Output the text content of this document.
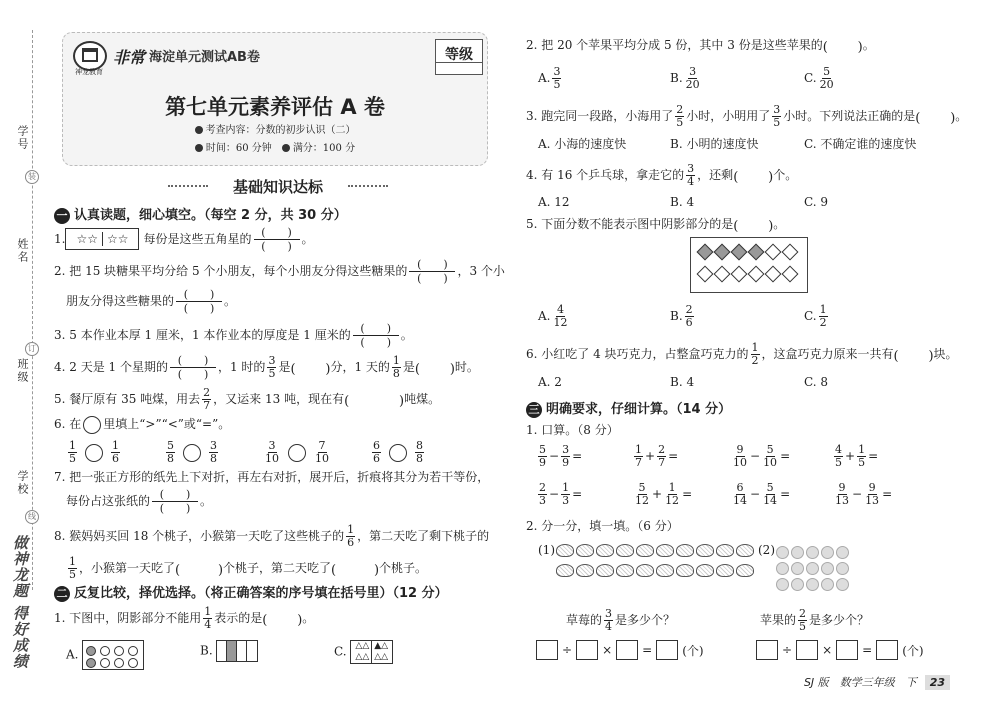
学号
装
姓名
订
班级
学校
线
做神龙题 得好成绩
神龙教育
非常 海淀单元测试AB卷	等级
第七单元素养评估 A 卷
考查内容：分数的初步认识（二）
时间：60 分钟　 满分：100 分
基础知识达标
一 认真读题，细心填空。（每空 2 分，共 30 分）
1. ☆☆ ☆☆ 每份是这些五角星的 (　　)
(　　)
。
2. 把 15 块糖果平均分给 5 个小朋友，每个小朋友分得这些糖果的 (　　)
(　　)
，3 个小
朋友分得这些糖果的 (　　)
(　　)
。
3. 5 本作业本厚 1 厘米，1 本作业本的厚度是 1 厘米的 (　　)
(　　)
。
4. 2 天是 1 个星期的 (　　)
(　　)
，1 时的 $\frac{3}{5}$ 是 ( )	分，1 天的 $\frac{1}{8}$ 是 ( )	时。
5. 餐厅原有 35 吨煤，用去 $\frac{2}{7}$ ，又运来 13 吨，现在有 ( )	吨煤。
6. 在 里填上“>”“<”或“=”。
$\frac{1}{5}$	$\frac{1}{6}$	$\frac{5}{8}$	$\frac{3}{8}$	$\frac{3}{10}$	$\frac{7}{10}$	$\frac{6}{6}$	$\frac{8}{8}$
7. 把一张正方形的纸先上下对折，再左右对折，展开后，折痕将其分为若干等份，
每份占这张纸的 (　　)
(　　)
。
8. 猴妈妈买回 18 个桃子，小猴第一天吃了这些桃子的 $\frac{1}{6}$ ，第二天吃了剩下桃子的
$\frac{1}{5}$ ，小猴第一天吃了 ( )	个桃子，第二天吃了 ( )	个桃子。
二 反复比较，择优选择。（将正确答案的序号填在括号里）（12 分）
1. 下图中，阴影部分不能用 $\frac{1}{4}$ 表示的是 ( )	。
A.	B.	C. △△
△△
▲△
△△
2. 把 20 个苹果平均分成 5 份，其中 3 份是这些苹果的 ( )	。
A. $\frac{3}{5}$	B. $\frac{3}{20}$	C. $\frac{5}{20}$
3. 跑完同一段路，小海用了 $\frac{2}{5}$ 小时，小明用了 $\frac{3}{5}$ 小时。下列说法正确的是 ( )	。
A. 小海的速度快	B. 小明的速度快	C. 不确定谁的速度快
4. 有 16 个乒乓球，拿走它的 $\frac{3}{4}$ ，还剩 ( )	个。
A. 12	B. 4	C. 9
5. 下面分数不能表示图中阴影部分的是 ( )	。
A. $\frac{4}{12}$	B. $\frac{2}{6}$	C. $\frac{1}{2}$
6. 小红吃了 4 块巧克力，占整盒巧克力的 $\frac{1}{2}$ ，这盒巧克力原来一共有 ( )	块。
A. 2	B. 4	C. 8
三 明确要求，仔细计算。（14 分）
1. 口算。（8 分）
$\frac{5}{9} - \frac{3}{9}$ =	$\frac{1}{7} + \frac{2}{7}$ =	$\frac{9}{10} - \frac{5}{10}$ =	$\frac{4}{5} + \frac{1}{5}$ =
$\frac{2}{3} - \frac{1}{3}$ =	$\frac{5}{12} + \frac{1}{12}$ =	$\frac{6}{14} - \frac{5}{14}$ =	$\frac{9}{13} - \frac{9}{13}$ =
2. 分一分，填一填。（6 分）
(1)	(2)
草莓的 $\frac{3}{4}$ 是多少个？	苹果的 $\frac{2}{5}$ 是多少个？
÷	×	=	(个)	÷	×	=	(个)
SJ 版　数学三年级　下 23
